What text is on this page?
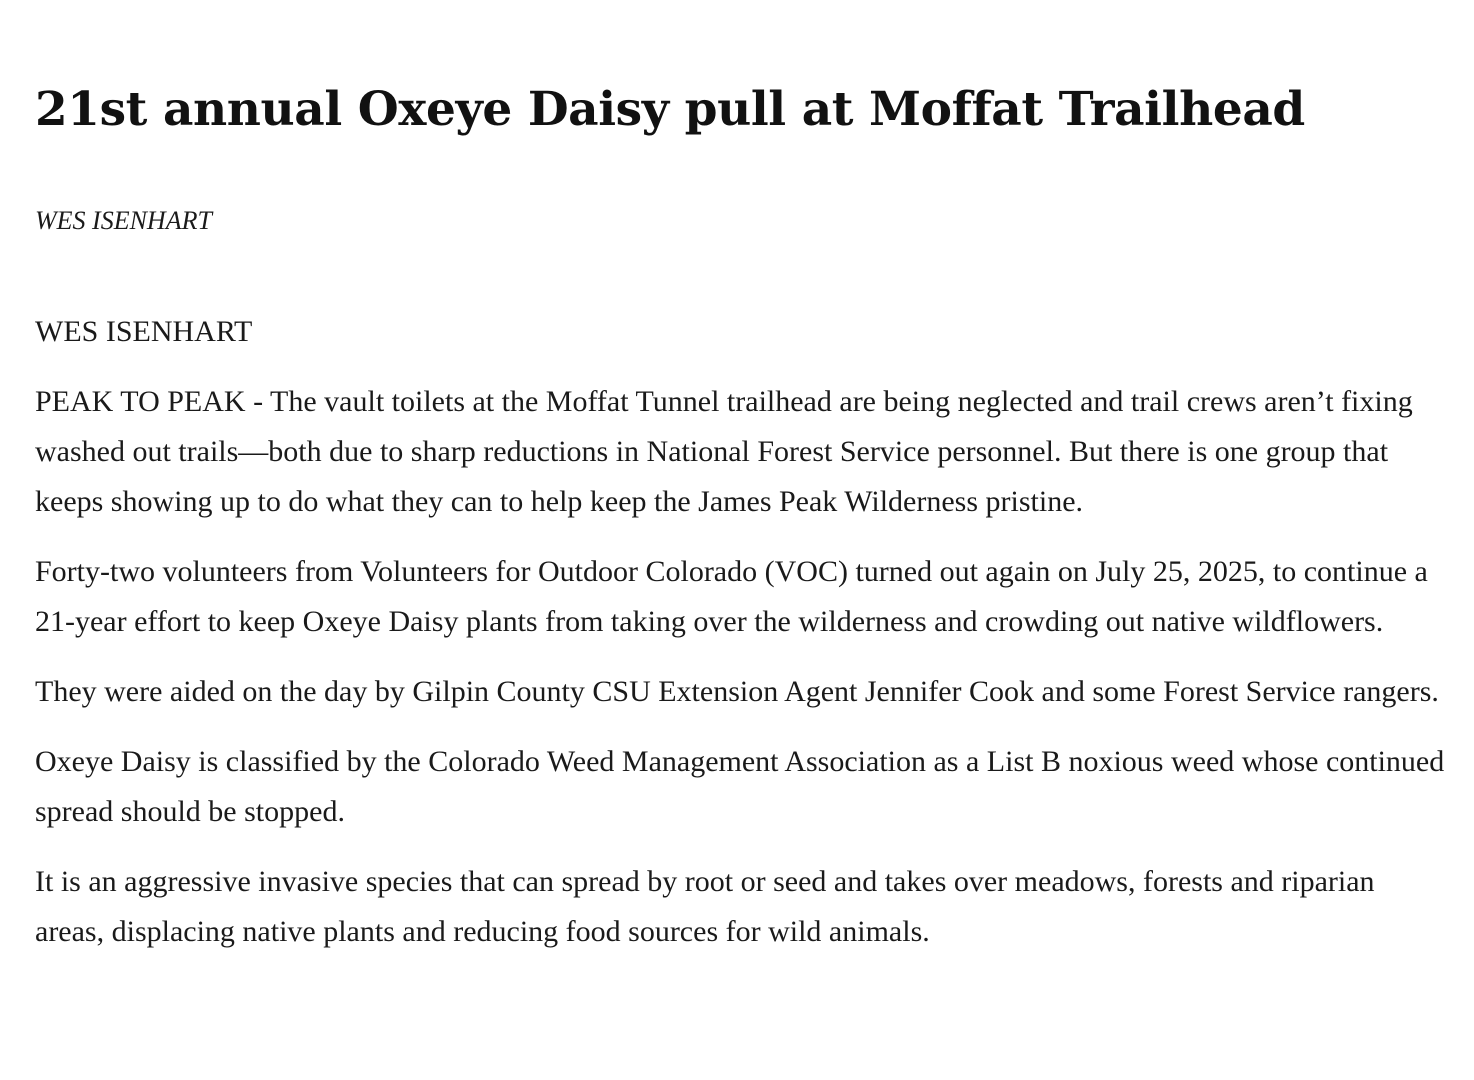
21st annual Oxeye Daisy pull at Moffat Trailhead
WES ISENHART

WES ISENHART

PEAK TO PEAK - The vault toilets at the Moffat Tunnel trailhead are being neglected and trail crews aren’t fixing washed out trails—both due to sharp reductions in National Forest Service personnel. But there is one group that keeps showing up to do what they can to help keep the James Peak Wilderness pristine.

Forty-two volunteers from Volunteers for Outdoor Colorado (VOC) turned out again on July 25, 2025, to continue a 21-year effort to keep Oxeye Daisy plants from taking over the wilderness and crowding out native wildflowers.

They were aided on the day by Gilpin County CSU Extension Agent Jennifer Cook and some Forest Service rangers.

Oxeye Daisy is classified by the Colorado Weed Management Association as a List B noxious weed whose continued spread should be stopped.

It is an aggressive invasive species that can spread by root or seed and takes over meadows, forests and riparian areas, displacing native plants and reducing food sources for wild animals.
